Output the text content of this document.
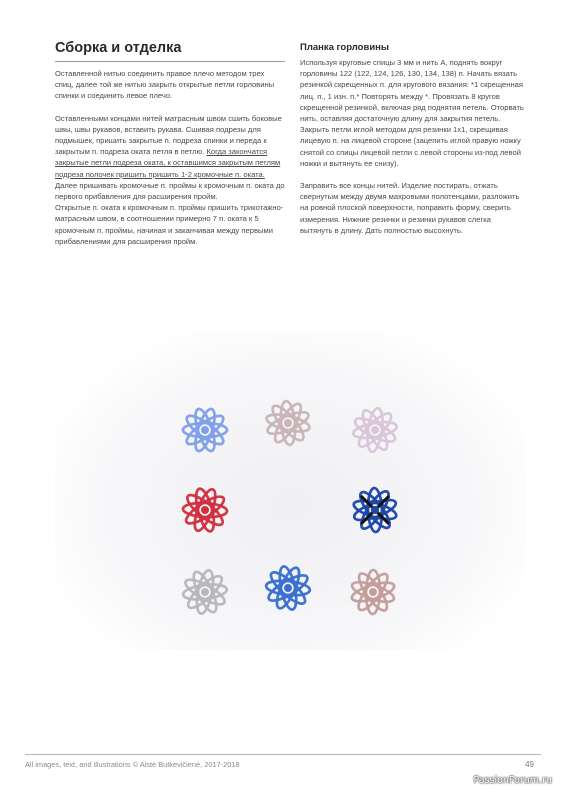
Сборка и отделка

Оставленной нитью соединить правое плечо методом трех спиц, далее той же нитью закрыть открытые петли горловины спинки и соединить левое плечо.

Оставленными концами нитей матрасным швом сшить боковые швы, швы рукавов, вставить рукава. Сшивая подрезы для подмышек, пришить закрытые п. подреза спинки и переда к закрытым п. подреза оката петля в петлю. Когда закончатся закрытые петли подреза оката, к оставшимся закрытым петлям подреза полочек пришить пришить 1-2 кромочные п. оката. Далее пришивать кромочные п. проймы к кромочным п. оката до первого прибавления для расширения пройм.

Открытые п. оката к кромочным п. проймы пришить трикотажно-матрасным швом, в соотношении примерно 7 п. оката к 5 кромочным п. проймы, начиная и заканчивая между первыми прибавлениями для расширения пройм.

Планка горловины

Используя круговые спицы 3 мм и нить А, поднять вокруг горловины 122 (122, 124, 126, 130, 134, 138) п. Начать вязать резинкой скрещенных п. для кругового вязания: *1 скрещенная лиц. п., 1 изн. п.* Повторять между *. Провязать 8 кругов скрещенной резинкой, включая ряд поднятия петель. Оторвать нить, оставляя достаточную длину для закрытия петель. Закрыть петли иглой методом для резинки 1х1, скрещивая лицевую п. на лицевой стороне (зацепить иглой правую ножку снятой со спицы лицевой петли с левой стороны из-под левой ножки и вытянуть ее снизу).

Заправить все концы нитей. Изделие постирать, отжать свернутым между двумя махровыми полотенцами, разложить на ровной плоской поверхности, поправить форму, сверить измерения. Нижние резинки и резинки рукавов слегка вытянуть в длину. Дать полностью высохнуть.

All images, text, and illustrations © Aistė Butkevičienė, 2017-2018	49
PassionForum.ru
